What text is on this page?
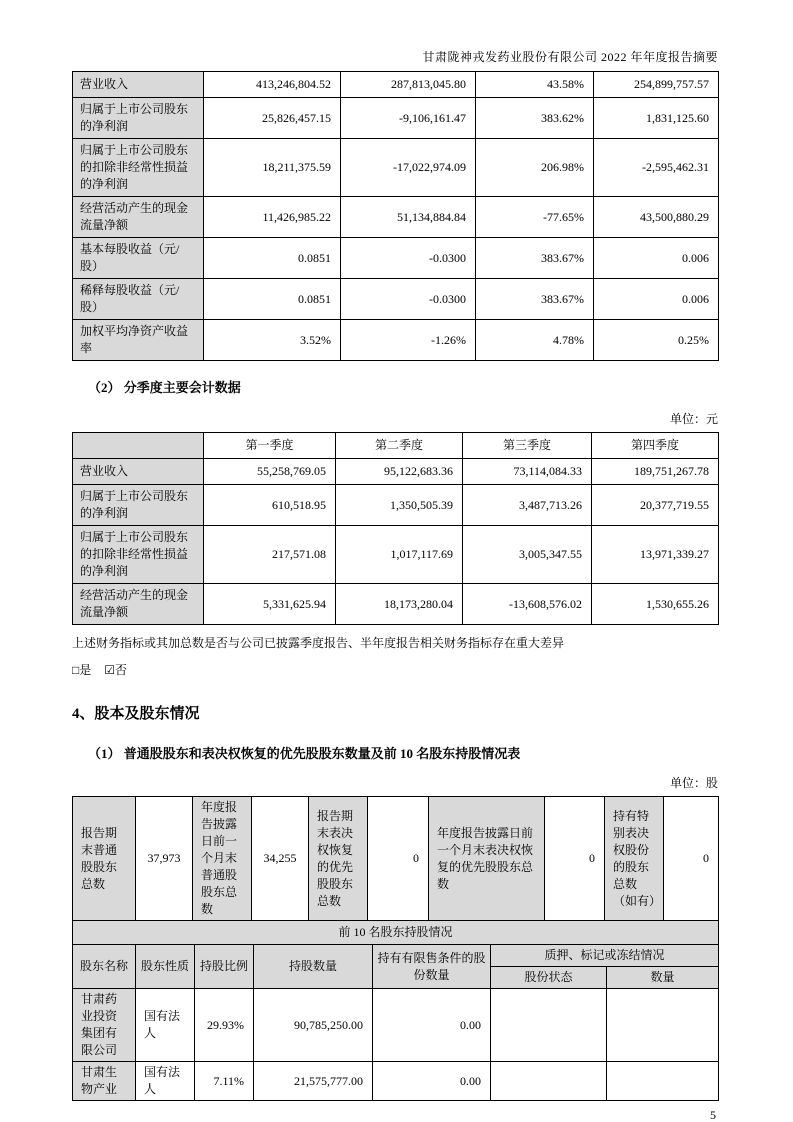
甘肃陇神戎发药业股份有限公司 2022 年年度报告摘要
营业收入	413,246,804.52	287,813,045.80	43.58%	254,899,757.57
归属于上市公司股东的净利润	25,826,457.15	-9,106,161.47	383.62%	1,831,125.60
归属于上市公司股东的扣除非经常性损益的净利润	18,211,375.59	-17,022,974.09	206.98%	-2,595,462.31
经营活动产生的现金流量净额	11,426,985.22	51,134,884.84	-77.65%	43,500,880.29
基本每股收益（元/股）	0.0851	-0.0300	383.67%	0.006
稀释每股收益（元/股）	0.0851	-0.0300	383.67%	0.006
加权平均净资产收益率	3.52%	-1.26%	4.78%	0.25%
（2） 分季度主要会计数据
单位：元
	第一季度	第二季度	第三季度	第四季度
营业收入	55,258,769.05	95,122,683.36	73,114,084.33	189,751,267.78
归属于上市公司股东的净利润	610,518.95	1,350,505.39	3,487,713.26	20,377,719.55
归属于上市公司股东的扣除非经常性损益的净利润	217,571.08	1,017,117.69	3,005,347.55	13,971,339.27
经营活动产生的现金流量净额	5,331,625.94	18,173,280.04	-13,608,576.02	1,530,655.26
上述财务指标或其加总数是否与公司已披露季度报告、半年度报告相关财务指标存在重大差异
□是 ☑否
4、股本及股东情况
（1） 普通股股东和表决权恢复的优先股股东数量及前 10 名股东持股情况表
单位：股
报告期末普通股股东总数	37,973	年度报告披露日前一个月末普通股股东总数	34,255	报告期末表决权恢复的优先股股东总数	0	年度报告披露日前一个月末表决权恢复的优先股股东总数	0	持有特别表决权股份的股东总数（如有）	0
前 10 名股东持股情况						
股东名称	股东性质	持股比例	持股数量	持有有限售条件的股份数量	质押、标记或冻结情况	
					股份状态	数量
甘肃药业投资集团有限公司	国有法人	29.93%	90,785,250.00	0.00		
甘肃生物产业	国有法人	7.11%	21,575,777.00	0.00		
5
